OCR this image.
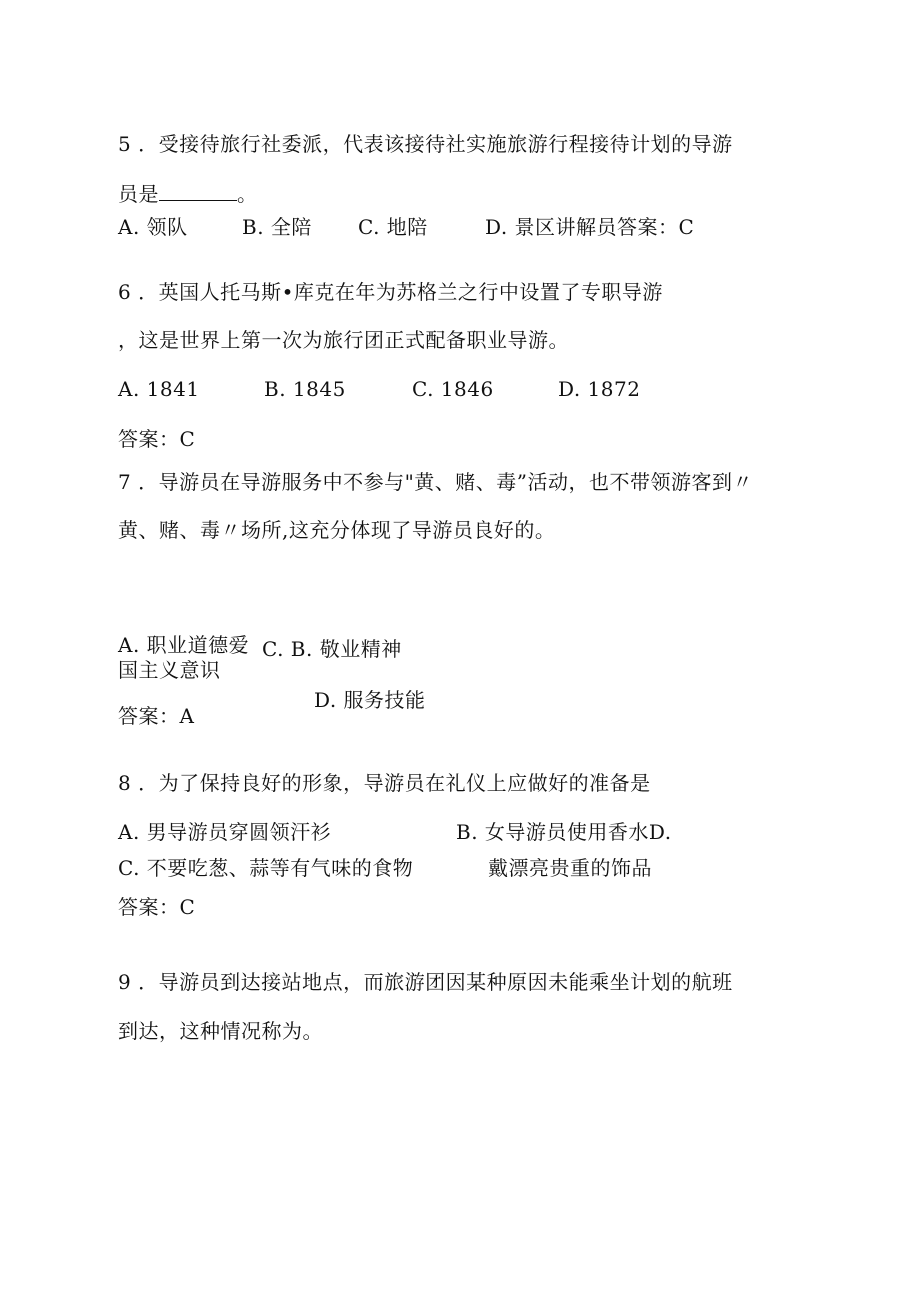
5 ．受接待旅行社委派，代表该接待社实施旅游行程接待计划的导游
员是	。
A. 领队	B. 全陪 C. 地陪	D. 景区讲解员答案：C
6 ．英国人托马斯•库克在年为苏格兰之行中设置了专职导游
，这是世界上第一次为旅行团正式配备职业导游。
A. 1841	B. 1845	C. 1846	D. 1872
答案：C
7 ．导游员在导游服务中不参与"黄、赌、毒”活动，也不带领游客到〃
黄、赌、毒〃场所,这充分体现了导游员良好的。
A. 职业道德爱 C. B. 敬业精神
国主义意识
D. 服务技能
答案：A
8 ．为了保持良好的形象，导游员在礼仪上应做好的准备是
A. 男导游员穿圆领汗衫	B. 女导游员使用香水D.
C. 不要吃葱、蒜等有气味的食物	戴漂亮贵重的饰品
答案：C
9 ．导游员到达接站地点，而旅游团因某种原因未能乘坐计划的航班
到达，这种情况称为。
